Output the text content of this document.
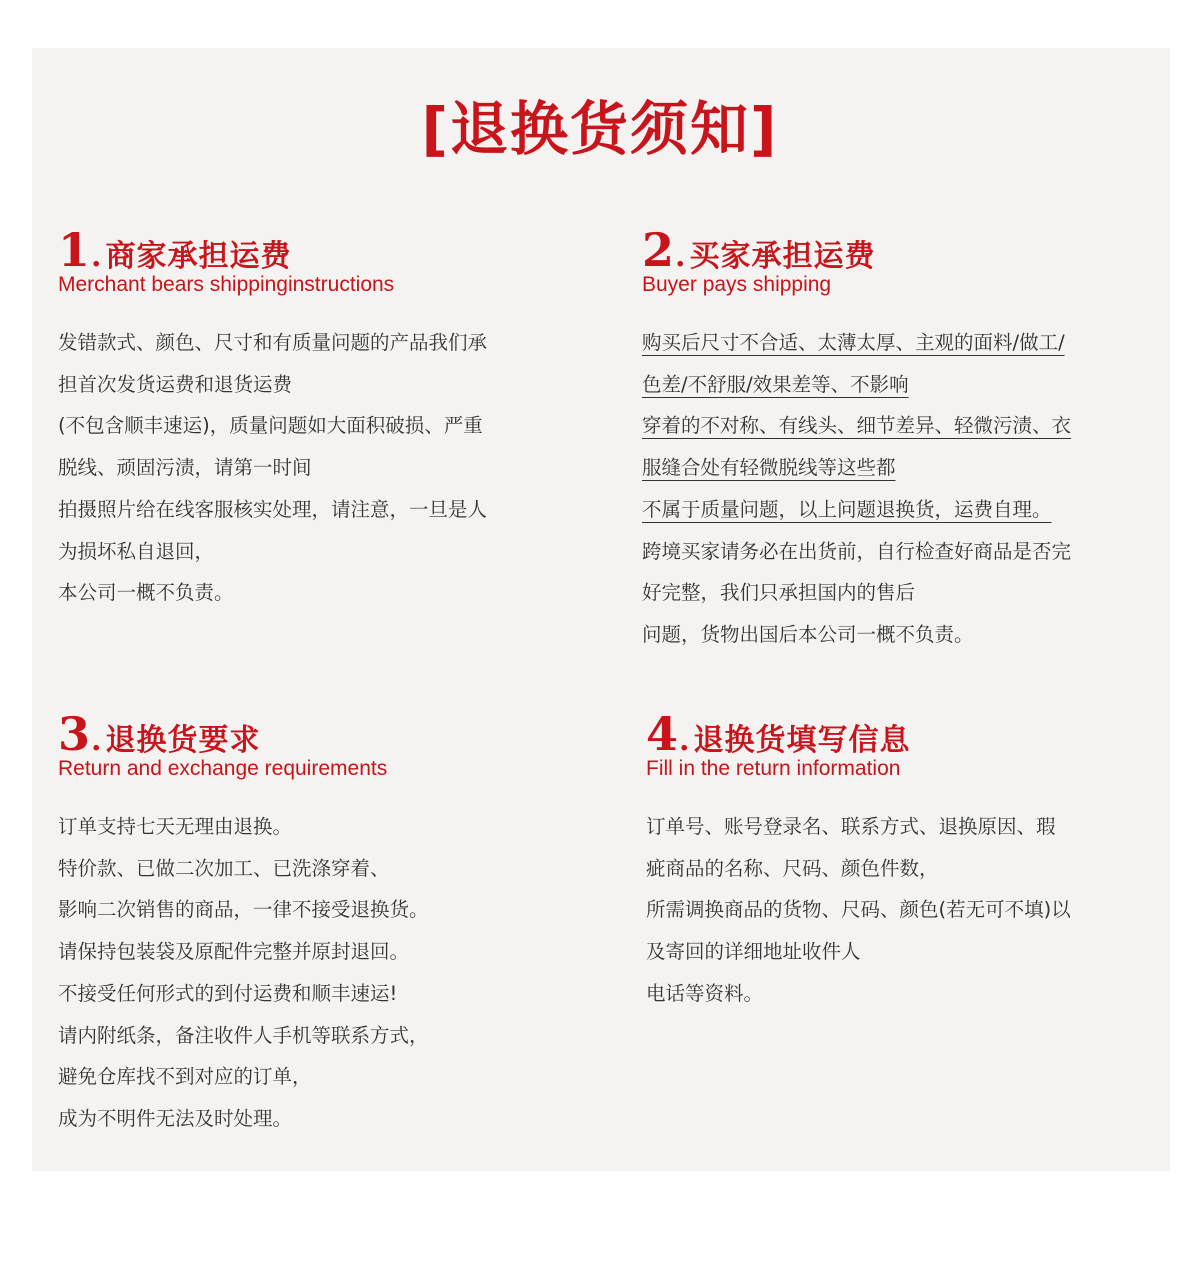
[退换货须知]
1. 商家承担运费
Merchant bears shippinginstructions
发错款式、颜色、尺寸和有质量问题的产品我们承
担首次发货运费和退货运费
(不包含顺丰速运)，质量问题如大面积破损、严重
脱线、顽固污渍，请第一时间
拍摄照片给在线客服核实处理，请注意，一旦是人
为损坏私自退回，
本公司一概不负责。
2. 买家承担运费
Buyer pays shipping
购买后尺寸不合适、太薄太厚、主观的面料/做工/
色差/不舒服/效果差等、不影响
穿着的不对称、有线头、细节差异、轻微污渍、衣
服缝合处有轻微脱线等这些都
不属于质量问题，以上问题退换货，运费自理。
跨境买家请务必在出货前，自行检查好商品是否完
好完整，我们只承担国内的售后
问题，货物出国后本公司一概不负责。
3. 退换货要求
Return and exchange requirements
订单支持七天无理由退换。
特价款、已做二次加工、已洗涤穿着、
影响二次销售的商品，一律不接受退换货。
请保持包装袋及原配件完整并原封退回。
不接受任何形式的到付运费和顺丰速运!
请内附纸条，备注收件人手机等联系方式，
避免仓库找不到对应的订单，
成为不明件无法及时处理。
4. 退换货填写信息
Fill in the return information
订单号、账号登录名、联系方式、退换原因、瑕
疵商品的名称、尺码、颜色件数，
所需调换商品的货物、尺码、颜色(若无可不填)以
及寄回的详细地址收件人
电话等资料。
